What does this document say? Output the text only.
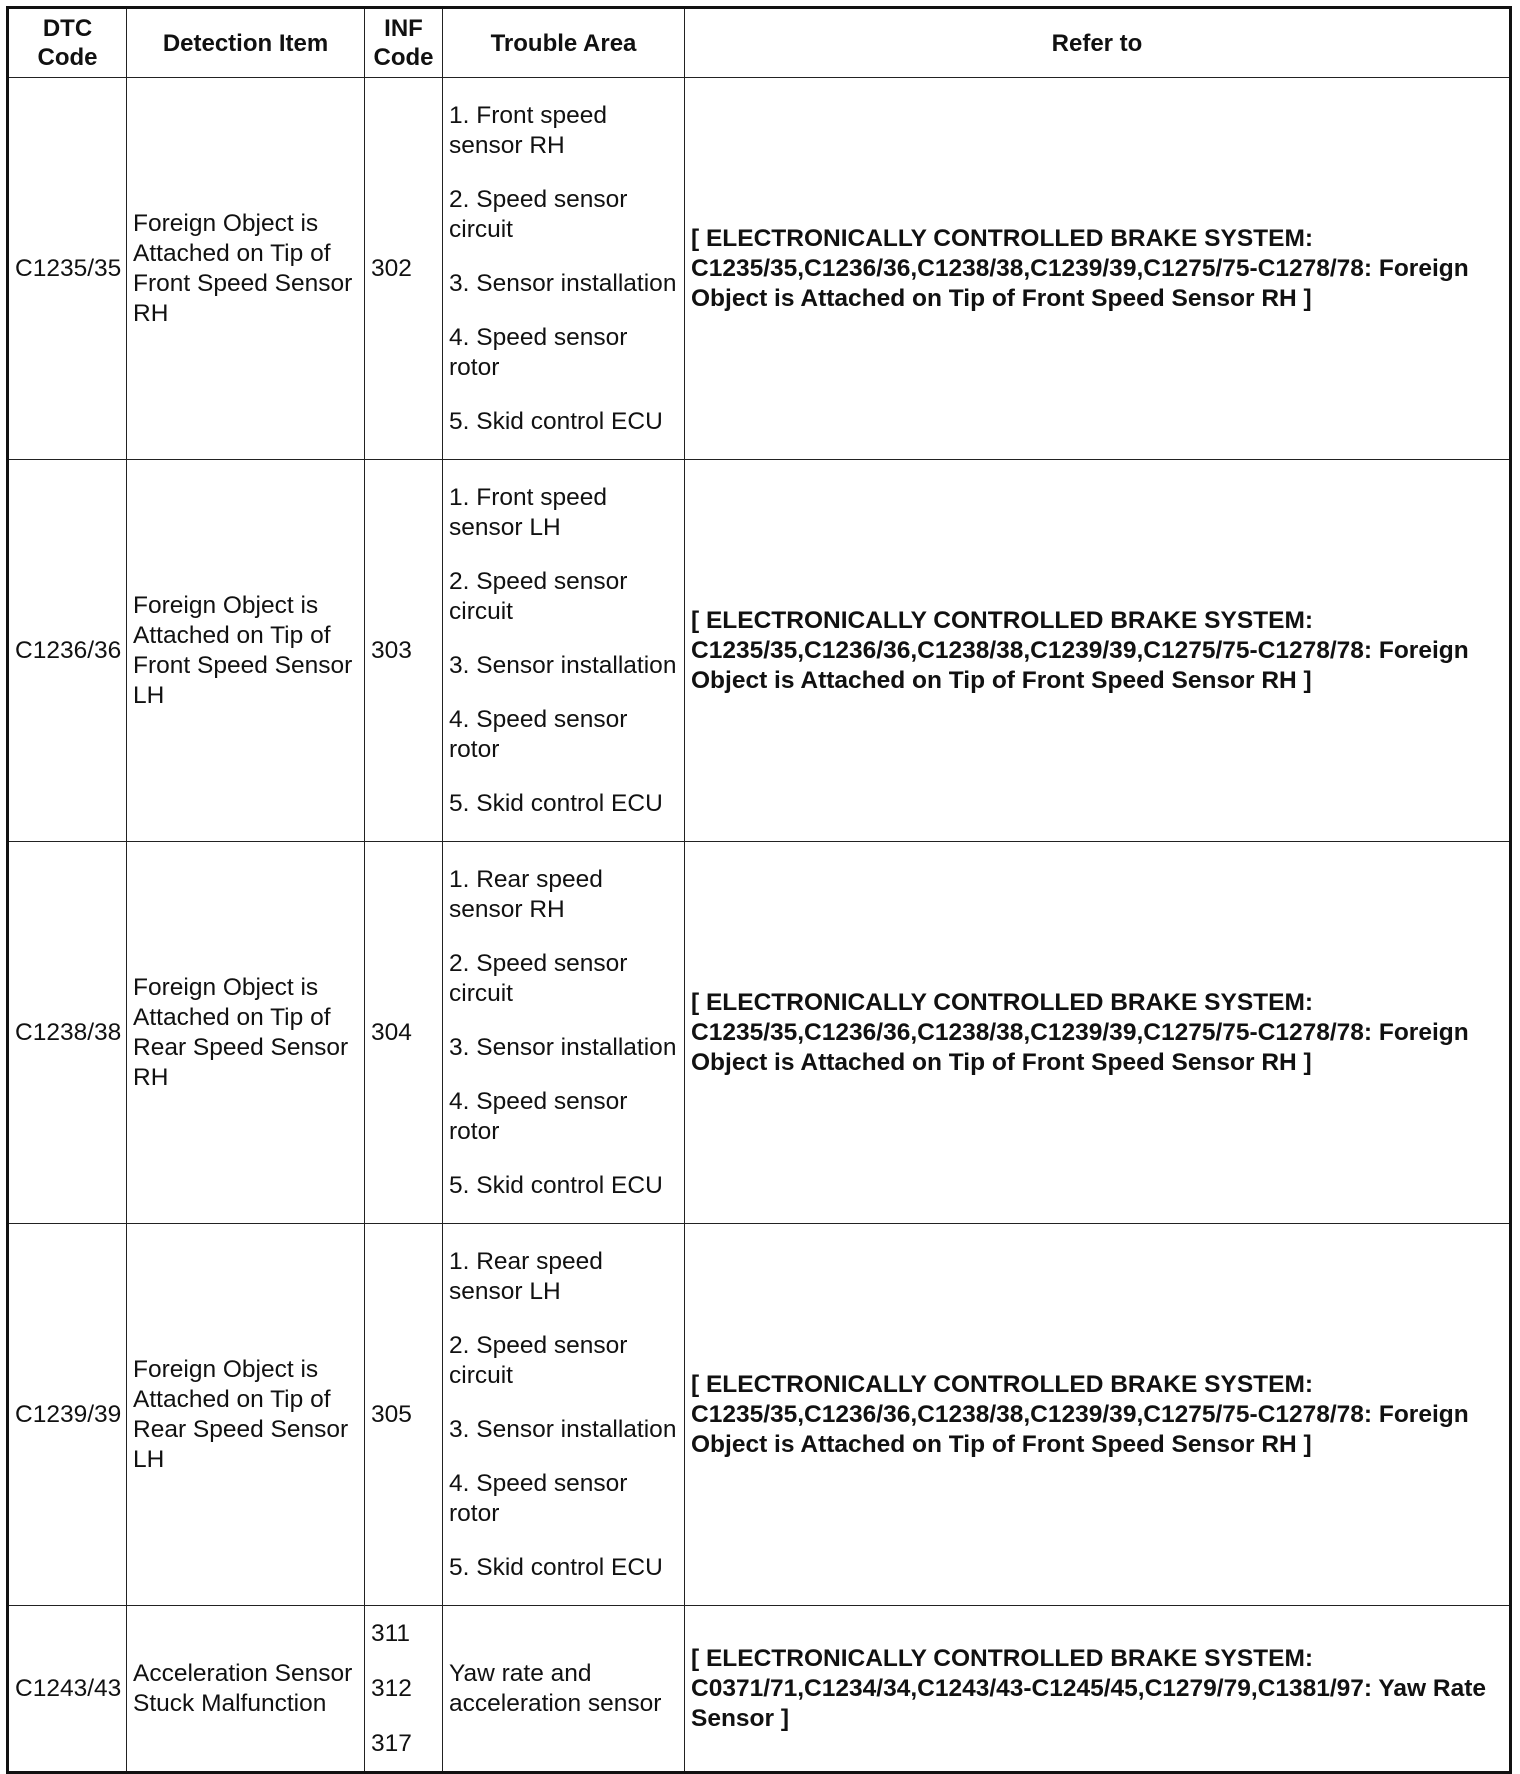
DTC Code	Detection Item	INF Code	Trouble Area	Refer to
C1235/35	Foreign Object is Attached on Tip of Front Speed Sensor RH	302	1. Front speed sensor RH
2. Speed sensor circuit
3. Sensor installation
4. Speed sensor rotor
5. Skid control ECU	[ ELECTRONICALLY CONTROLLED BRAKE SYSTEM: C1235/35,C1236/36,C1238/38,C1239/39,C1275/75-C1278/78: Foreign Object is Attached on Tip of Front Speed Sensor RH ]
C1236/36	Foreign Object is Attached on Tip of Front Speed Sensor LH	303	1. Front speed sensor LH
2. Speed sensor circuit
3. Sensor installation
4. Speed sensor rotor
5. Skid control ECU	[ ELECTRONICALLY CONTROLLED BRAKE SYSTEM: C1235/35,C1236/36,C1238/38,C1239/39,C1275/75-C1278/78: Foreign Object is Attached on Tip of Front Speed Sensor RH ]
C1238/38	Foreign Object is Attached on Tip of Rear Speed Sensor RH	304	1. Rear speed sensor RH
2. Speed sensor circuit
3. Sensor installation
4. Speed sensor rotor
5. Skid control ECU	[ ELECTRONICALLY CONTROLLED BRAKE SYSTEM: C1235/35,C1236/36,C1238/38,C1239/39,C1275/75-C1278/78: Foreign Object is Attached on Tip of Front Speed Sensor RH ]
C1239/39	Foreign Object is Attached on Tip of Rear Speed Sensor LH	305	1. Rear speed sensor LH
2. Speed sensor circuit
3. Sensor installation
4. Speed sensor rotor
5. Skid control ECU	[ ELECTRONICALLY CONTROLLED BRAKE SYSTEM: C1235/35,C1236/36,C1238/38,C1239/39,C1275/75-C1278/78: Foreign Object is Attached on Tip of Front Speed Sensor RH ]
C1243/43	Acceleration Sensor Stuck Malfunction	311
312
317	Yaw rate and acceleration sensor	[ ELECTRONICALLY CONTROLLED BRAKE SYSTEM: C0371/71,C1234/34,C1243/43-C1245/45,C1279/79,C1381/97: Yaw Rate Sensor ]
